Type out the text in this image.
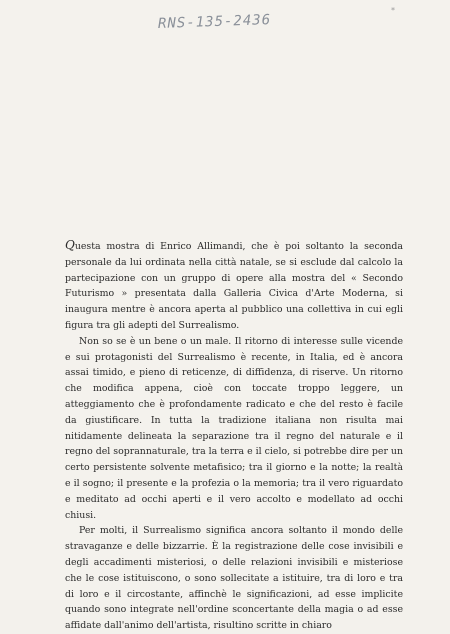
RNS-135-2436
*

Questa mostra di Enrico Allimandi, che è poi soltanto la seconda personale da lui ordinata nella città natale, se si esclude dal calcolo la partecipazione con un gruppo di opere alla mostra del « Secondo Futurismo » presentata dalla Galleria Civica d'Arte Moderna, si inaugura mentre è ancora aperta al pubblico una collettiva in cui egli figura tra gli adepti del Surrealismo.

Non so se è un bene o un male. Il ritorno di interesse sulle vicende e sui protagonisti del Surrealismo è recente, in Italia, ed è ancora assai timido, e pieno di reticenze, di diffidenza, di riserve. Un ritorno che modifica appena, cioè con toccate troppo leggere, un atteggiamento che è profondamente radicato e che del resto è facile da giustificare. In tutta la tradizione italiana non risulta mai nitidamente delineata la separazione tra il regno del naturale e il regno del soprannaturale, tra la terra e il cielo, si potrebbe dire per un certo persistente solvente metafisico; tra il giorno e la notte; la realtà e il sogno; il presente e la profezia o la memoria; tra il vero riguardato e meditato ad occhi aperti e il vero accolto e modellato ad occhi chiusi.

Per molti, il Surrealismo significa ancora soltanto il mondo delle stravaganze e delle bizzarrie. È la registrazione delle cose invisibili e degli accadimenti misteriosi, o delle relazioni invisibili e misteriose che le cose istituiscono, o sono sollecitate a istituire, tra di loro e tra di loro e il circostante, affinchè le significazioni, ad esse implicite quando sono integrate nell'ordine sconcertante della magia o ad esse affidate dall'animo dell'artista, risultino scritte in chiaro
